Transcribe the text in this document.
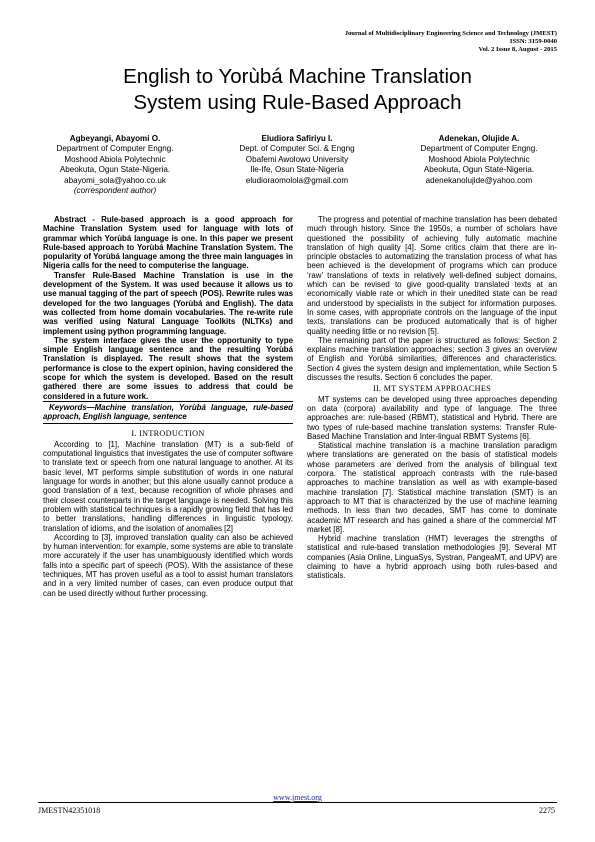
Journal of Multidisciplinary Engineering Science and Technology (JMEST)
ISSN: 3159-0040
Vol. 2 Issue 8, August - 2015
English to Yorùbá Machine Translation
System using Rule-Based Approach
Agbeyangi, Abayomi O.
Department of Computer Engng.
Moshood Abiola Polytechnic
Abeokuta, Ogun State-Nigeria.
abayomi_sola@yahoo.co.uk
(correspondent author)
Eludiora Safiriyu I.
Dept. of Computer Sci. & Engng
Obafemi Awolowo University
Ile-Ife, Osun State-Nigeria
eludioraomolola@gmail.com
Adenekan, Olujide A.
Department of Computer Engng.
Moshood Abiola Polytechnic
Abeokuta, Ogun State-Nigeria.
adenekanolujide@yahoo.com

Abstract - Rule-based approach is a good approach for Machine Translation System used for language with lots of grammar which Yorùbá language is one. In this paper we present Rule-based approach to Yorùbá Machine Translation System. The popularity of Yorùbá language among the three main languages in Nigeria calls for the need to computerise the language.

Transfer Rule-Based Machine Translation is use in the development of the System. It was used because it allows us to use manual tagging of the part of speech (POS). Rewrite rules was developed for the two languages (Yorùbá and English). The data was collected from home domain vocabularies. The re-write rule was verified using Natural Language Toolkits (NLTKs) and implement using python programming language.

The system interface gives the user the opportunity to type simple English language sentence and the resulting Yorùbá Translation is displayed. The result shows that the system performance is close to the expert opinion, having considered the scope for which the system is developed. Based on the result gathered there are some issues to address that could be considered in a future work.

Keywords—Machine translation, Yorùbá language, rule-based approach, English language, sentence

I. INTRODUCTION

According to [1], Machine translation (MT) is a sub-field of computational linguistics that investigates the use of computer software to translate text or speech from one natural language to another. At its basic level, MT performs simple substitution of words in one natural language for words in another; but this alone usually cannot produce a good translation of a text, because recognition of whole phrases and their closest counterparts in the target language is needed. Solving this problem with statistical techniques is a rapidly growing field that has led to better translations, handling differences in linguistic typology, translation of idioms, and the isolation of anomalies [2]

According to [3], improved translation quality can also be achieved by human intervention: for example, some systems are able to translate more accurately if the user has unambiguously identified which words falls into a specific part of speech (POS). With the assistance of these techniques, MT has proven useful as a tool to assist human translators and in a very limited number of cases, can even produce output that can be used directly without further processing.

The progress and potential of machine translation has been debated much through history. Since the 1950s, a number of scholars have questioned the possibility of achieving fully automatic machine translation of high quality [4]. Some critics claim that there are in-principle obstacles to automatizing the translation process of what has been achieved is the development of programs which can produce ‘raw’ translations of texts in relatively well-defined subject domains, which can be revised to give good-quality translated texts at an economically viable rate or which in their unedited state can be read and understood by specialists in the subject for information purposes. In some cases, with appropriate controls on the language of the input texts, translations can be produced automatically that is of higher quality needing little or no revision [5].

The remaining part of the paper is structured as follows: Section 2 explains machine translation approaches; section 3 gives an overview of English and Yorùbá similarities, differences and characteristics. Section 4 gives the system design and implementation, while Section 5 discusses the results. Section 6 concludes the paper.

II. MT SYSTEM APPROACHES

MT systems can be developed using three approaches depending on data (corpora) availability and type of language. The three approaches are: rule-based (RBMT), statistical and Hybrid. There are two types of rule-based machine translation systems: Transfer Rule-Based Machine Translation and Inter-lingual RBMT Systems [6].

Statistical machine translation is a machine translation paradigm where translations are generated on the basis of statistical models whose parameters are derived from the analysis of bilingual text corpora. The statistical approach contrasts with the rule-based approaches to machine translation as well as with example-based machine translation [7]. Statistical machine translation (SMT) is an approach to MT that is characterized by the use of machine learning methods. In less than two decades, SMT has come to dominate academic MT research and has gained a share of the commercial MT market [8].

Hybrid machine translation (HMT) leverages the strengths of statistical and rule-based translation methodologies [9]. Several MT companies (Asia Online, LinguaSys, Systran, PangeaMT, and UPV) are claiming to have a hybrid approach using both rules-based and statisticals.

www.jmest.org
JMESTN42351018	2275
